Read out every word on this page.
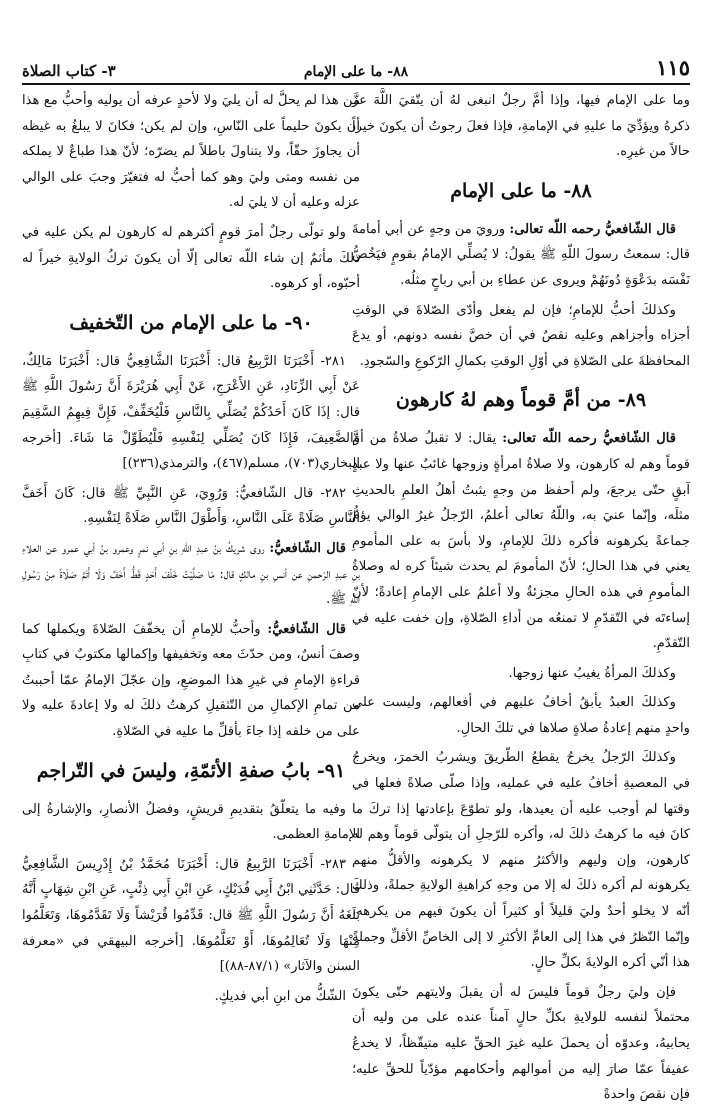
١١٥
٨٨- ما على الإمام
٣- كتاب الصلاة

وما على الإمام فيها، وإذا أمَّ رجلٌ انبغى لهُ أن يتّقيَ اللَّهَ عزَّ ذكرهُ ويؤدِّيَ ما عليهِ في الإمامةِ، فإذا فعلَ رجوتُ أن يكونَ خيراً حالاً من غيرِه.

٨٨- ما على الإمام

قال الشّافعيُّ رحمه اللّه تعالى: ورويَ من وجهٍ عن أبي أمامةَ قال: سمعتُ رسولَ اللّهِ ﷺ يقولُ: لا يُصلِّي الإمامُ بقومٍ فيَخُصُّ نَفْسَه بدَعْوَةٍ دُونَهُمْ ويروى عن عطاءِ بن أبي رباحٍ مثلُه.

وكذلكَ أحبُّ للإمامِ؛ فإن لم يفعل وأدّى الصّلاةَ في الوقتِ أجزاه وأجزاهم وعليه نقصٌ في أن خصَّ نفسه دونهم، أو يدعَ المحافظةَ على الصّلاةِ في أوّلِ الوقتِ بكمالِ الرّكوعِ والسّجودِ.

٨٩- من أمَّ قوماً وهم لهُ كارهون

قال الشّافعيُّ رحمه اللّه تعالى: يقال: لا تقبلُ صلاةُ من أمَّ قوماً وهم له كارهون، ولا صلاةُ امرأةٍ وزوجها غائبٌ عنها ولا عبدٍ آبقٍ حتّى يرجعَ، ولم أحفظ من وجهٍ يثبتُ أهلُ العلمِ بالحديثِ مثلَه، وإنّما عنيَ به، واللّهُ تعالى أعلمُ، الرّجلُ غيرُ الوالي يؤمُّ جماعةً يكرهونه فأكره ذلكَ للإمامِ، ولا بأسَ به على المأمومِ يعني في هذا الحالِ؛ لأنّ المأمومَ لم يحدث شيئاً كره له وصلاةُ المأمومِ في هذه الحالِ مجزئةٌ ولا أعلمُ على الإمامِ إعادةً؛ لأنّ إساءتَه في التّقدّمِ لا تمنعُه من أداءِ الصّلاةِ، وإن خفت عليه في التّقدّمِ.

وكذلكَ المرأةُ يغيبُ عنها زوجها.

وكذلكَ العبدُ يأبقُ أخافُ عليهم في أفعالهم، وليست على واحدٍ منهم إعادةُ صلاةٍ صلاها في تلكَ الحالِ.

وكذلكَ الرّجلُ يخرجُ يقطعُ الطّريقَ ويشربُ الخمرَ، ويخرجُ في المعصيةِ أخافُ عليه في عمليه، وإذا صلّى صلاةً فعلها في وقتها لم أوجب عليه أن يعيدها، ولو تطوّعَ بإعادتها إذا تركَ ما كانَ فيه ما كرهتُ ذلكَ له، وأكره للرّجلِ أن يتولّى قوماً وهم له كارهون، وإن وليهم والأكثرُ منهم لا يكرهونه والأقلُّ منهم يكرهونه لم أكره ذلكَ له إلا من وجهِ كراهيةِ الولايةِ جملةً، وذلكَ أنّه لا يخلو أحدٌ وليَ قليلاً أو كثيراً أن يكونَ فيهم من يكرهه، وإنّما النّظرُ في هذا إلى العامِّ الأكثرِ لا إلى الخاصِّ الأقلِّ وجملةً هذا أنّي أكره الولايةَ بكلِّ حالٍ.

فإن وليَ رجلٌ قوماً فليسَ له أن يقبلَ ولايتهم حتّى يكونَ محتملاً لنفسه للولايةِ بكلِّ حالٍ آمناً عنده على من وليه أن يحابيهُ، وعدوّه أن يحملَ عليه غيرَ الحقِّ عليه متيقّظاً، لا يخدعُ عفيفاً عمّا صارَ إليه من أموالهم وأحكامهم مؤدّياً للحقِّ عليه؛ فإن نقصَ واحدةً

من هذا لم يحلَّ له أن يليَ ولا لأحدٍ عرفه أن يوليه وأحبُّ مع هذا أن يكونَ حليماً على النّاسِ، وإن لم يكن؛ فكانَ لا يبلغُ به غيظه أن يجاوزَ حقّاً، ولا يتناولَ باطلاً لم يضرّه؛ لأنّ هذا طباعٌ لا يملكه من نفسه ومتى وليَ وهو كما أحبُّ له فتغيّرَ وجبَ على الوالي عزله وعليه أن لا يليَ له.

ولو تولّى رجلٌ أمرَ قومٍ أكثرهم له كارهون لم يكن عليه في ذلكَ مأثمٌ إن شاء اللّه تعالى إلّا أن يكونَ تركُ الولايةِ خيراً له أحبّوه، أو كرهوه.

٩٠- ما على الإمام من التّخفيف

٢٨١- أَخْبَرَنَا الرَّبِيعُ قال: أَخْبَرَنَا الشَّافِعِيُّ قال: أَخْبَرَنَا مَالِكٌ، عَنْ أَبِي الزِّنَادِ، عَنِ الأَعْرَجِ، عَنْ أَبِي هُرَيْرَةَ أَنَّ رَسُولَ اللَّهِ ﷺ قال: إذَا كَانَ أَحَدُكُمْ يُصَلِّي بِالنَّاسِ فَلْيُخَفِّفْ، فَإِنَّ فِيهِمُ السَّقِيمَ وَالضَّعِيفَ، فَإِذَا كَانَ يُصَلِّي لِنَفْسِهِ فَلْيُطَوِّلْ مَا شَاءَ. [أخرجه البخاري(٧٠٣)، مسلم(٤٦٧)، والترمذي(٢٣٦)]

٢٨٢- قال الشّافعيُّ: وَرُوِيَ، عَنِ النَّبِيِّ ﷺ قال: كَانَ أَخَفَّ النَّاسِ صَلَاةً عَلَى النَّاسِ، وَأَطْوَلَ النَّاسِ صَلَاةً لِنَفْسِهِ.

قال الشّافعيُّ: روى شريكُ بنُ عبدِ اللّهِ بنِ أبي نمرٍ وعمرو بنُ أبي عمرو عن العلاءِ بنِ عبدِ الرّحمنِ عن أنسِ بنِ مالكٍ قال: مَا صَلَّيْتُ خَلْفَ أَحَدٍ قَطُّ أَخَفَّ وَلَا أَتَمَّ صَلَاةً مِنْ رَسُولِ اللَّهِ ﷺ.

قال الشّافعيُّ: وأحبُّ للإمامِ أن يخفّفَ الصّلاةَ ويكملها كما وصفَ أنسٌ، ومن حدّثَ معه وتخفيفها وإكمالها مكتوبٌ في كتابِ قراءةِ الإمامِ في غيرِ هذا الموضعِ، وإن عجّلَ الإمامُ عمّا أحببتُ من تمامِ الإكمالِ من التّثقيلِ كرهتُ ذلكَ له ولا إعادةَ عليه ولا على من خلفه إذا جاءَ بأقلِّ ما عليه في الصّلاةِ.

٩١- بابُ صفةِ الأئمّةِ، وليسَ في التّراجم

وفيه ما يتعلّقُ بتقديمِ قريشٍ، وفضلُ الأنصارِ، والإشارةُ إلى الإمامةِ العظمى.

٢٨٣- أَخْبَرَنَا الرَّبِيعُ قال: أَخْبَرَنَا مُحَمَّدُ بْنُ إِدْرِيسَ الشَّافِعِيُّ قال: حَدَّثَنِي ابْنُ أَبِي فُدَيْكٍ، عَنِ ابْنِ أَبِي ذِئْبٍ، عَنِ ابْنِ شِهَابٍ أَنَّهُ بَلَغَهُ أَنَّ رَسُولَ اللَّهِ ﷺ قال: قَدِّمُوا قُرَيْشاً وَلَا تَقَدَّمُوهَا، وَتَعَلَّمُوا مِنْهَا وَلَا تُعَالِمُوهَا، أَوْ تَعَلَّمُوهَا. [أخرجه البيهقي في «معرفة السنن والآثار» (٨٧/١-٨٨)]

الشّكُّ من ابنِ أبي فديكٍ.
